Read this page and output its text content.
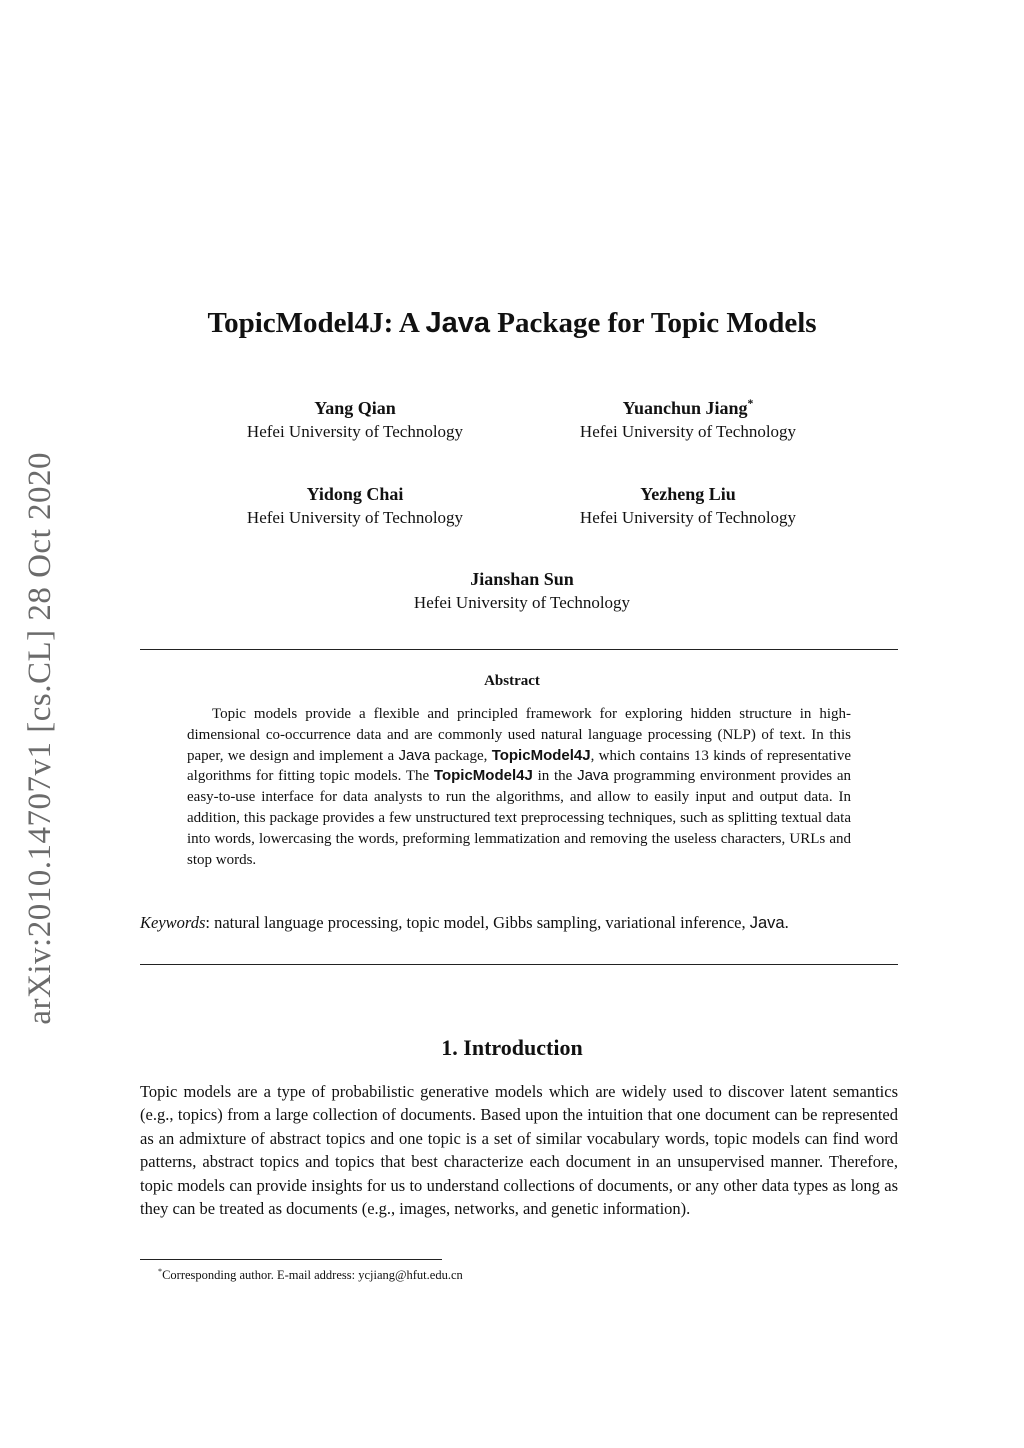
arXiv:2010.14707v1 [cs.CL] 28 Oct 2020
TopicModel4J: A Java Package for Topic Models
Yang Qian
Hefei University of Technology
Yuanchun Jiang*
Hefei University of Technology
Yidong Chai
Hefei University of Technology
Yezheng Liu
Hefei University of Technology
Jianshan Sun
Hefei University of Technology
Abstract

Topic models provide a flexible and principled framework for exploring hidden structure in high-dimensional co-occurrence data and are commonly used natural language processing (NLP) of text. In this paper, we design and implement a Java package, TopicModel4J, which contains 13 kinds of representative algorithms for fitting topic models. The TopicModel4J in the Java programming environment provides an easy-to-use interface for data analysts to run the algorithms, and allow to easily input and output data. In addition, this package provides a few unstructured text preprocessing techniques, such as splitting textual data into words, lowercasing the words, preforming lemmatization and removing the useless characters, URLs and stop words.

Keywords: natural language processing, topic model, Gibbs sampling, variational inference, Java.
1. Introduction

Topic models are a type of probabilistic generative models which are widely used to discover latent semantics (e.g., topics) from a large collection of documents. Based upon the intuition that one document can be represented as an admixture of abstract topics and one topic is a set of similar vocabulary words, topic models can find word patterns, abstract topics and topics that best characterize each document in an unsupervised manner. Therefore, topic models can provide insights for us to understand collections of documents, or any other data types as long as they can be treated as documents (e.g., images, networks, and genetic information).

*Corresponding author. E-mail address: ycjiang@hfut.edu.cn
